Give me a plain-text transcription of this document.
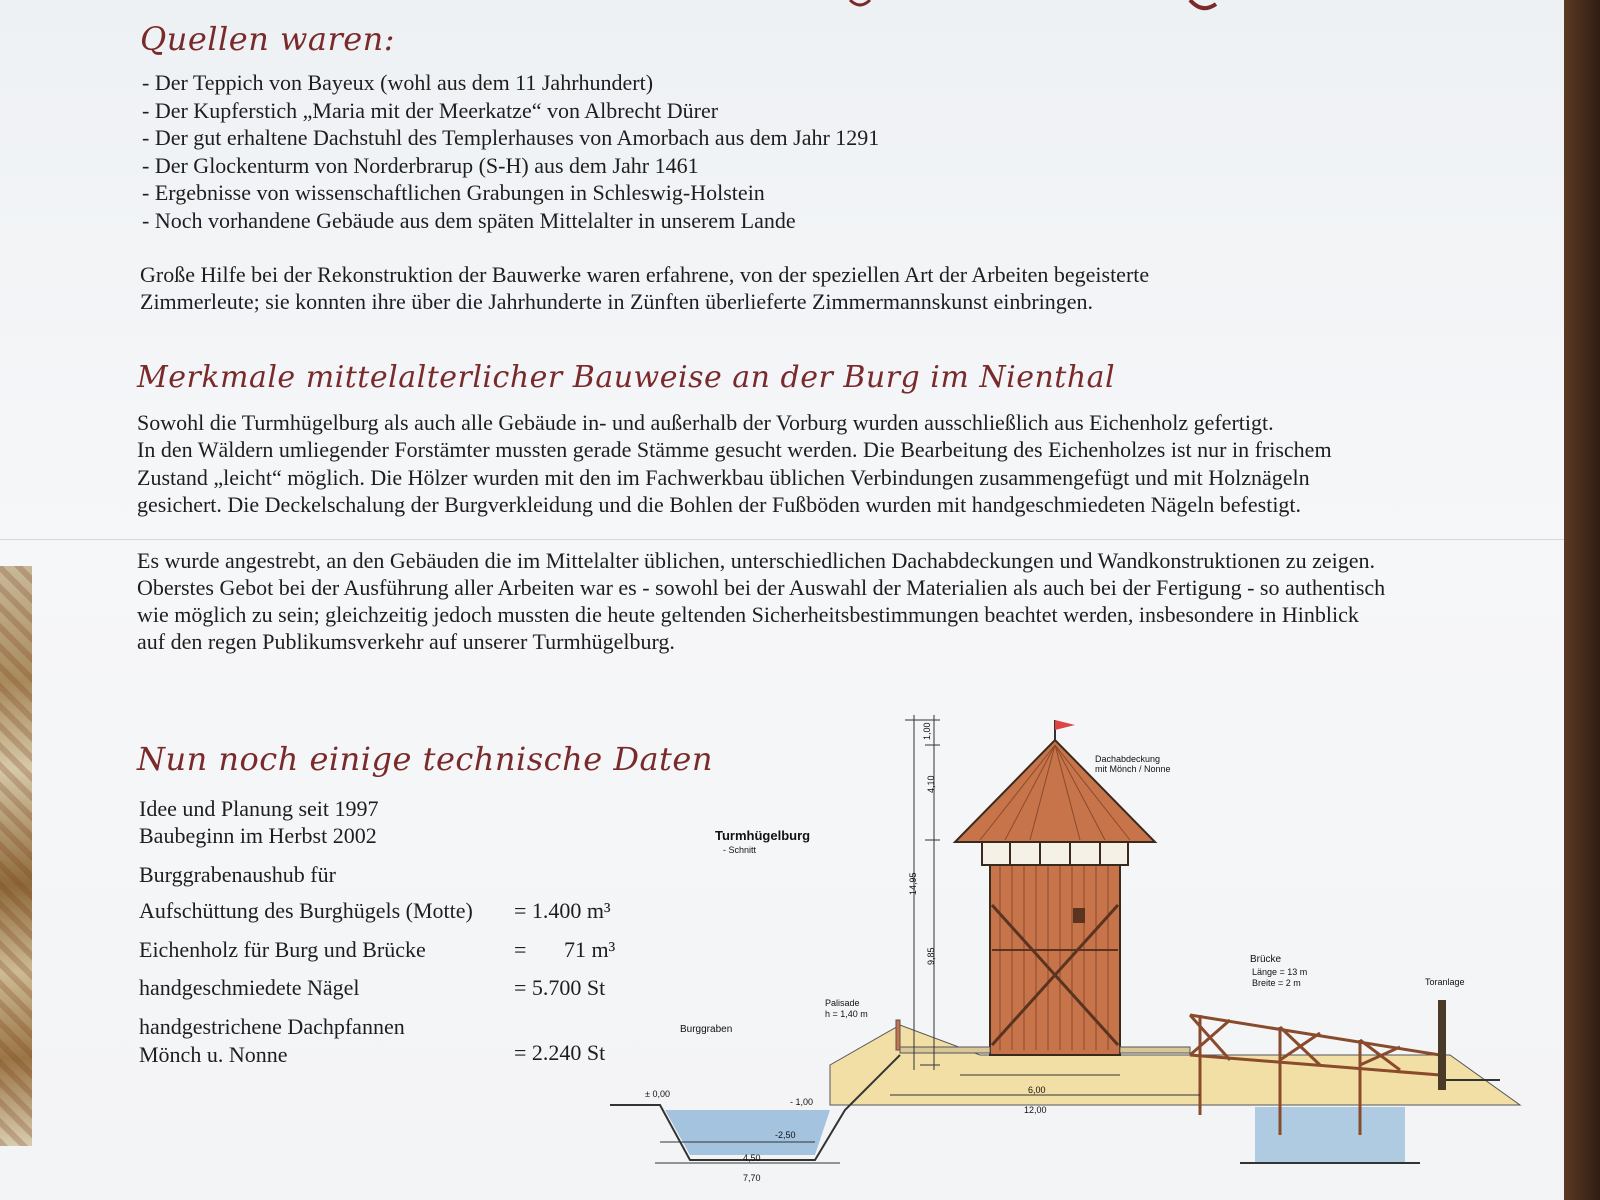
Quellen waren:
- Der Teppich von Bayeux (wohl aus dem 11 Jahrhundert)
- Der Kupferstich „Maria mit der Meerkatze“ von Albrecht Dürer
- Der gut erhaltene Dachstuhl des Templerhauses von Amorbach aus dem Jahr 1291
- Der Glockenturm von Norderbrarup (S-H) aus dem Jahr 1461
- Ergebnisse von wissenschaftlichen Grabungen in Schleswig-Holstein
- Noch vorhandene Gebäude aus dem späten Mittelalter in unserem Lande

Große Hilfe bei der Rekonstruktion der Bauwerke waren erfahrene, von der speziellen Art der Arbeiten begeisterte

Zimmerleute; sie konnten ihre über die Jahrhunderte in Zünften überlieferte Zimmermannskunst einbringen.

Merkmale mittelalterlicher Bauweise an der Burg im Nienthal

Sowohl die Turmhügelburg als auch alle Gebäude in- und außerhalb der Vorburg wurden ausschließlich aus Eichenholz gefertigt.

In den Wäldern umliegender Forstämter mussten gerade Stämme gesucht werden. Die Bearbeitung des Eichenholzes ist nur in frischem

Zustand „leicht“ möglich. Die Hölzer wurden mit den im Fachwerkbau üblichen Verbindungen zusammengefügt und mit Holznägeln

gesichert. Die Deckelschalung der Burgverkleidung und die Bohlen der Fußböden wurden mit handgeschmiedeten Nägeln befestigt.

Es wurde angestrebt, an den Gebäuden die im Mittelalter üblichen, unterschiedlichen Dachabdeckungen und Wandkonstruktionen zu zeigen.

Oberstes Gebot bei der Ausführung aller Arbeiten war es - sowohl bei der Auswahl der Materialien als auch bei der Fertigung - so authentisch

wie möglich zu sein; gleichzeitig jedoch mussten die heute geltenden Sicherheitsbestimmungen beachtet werden, insbesondere in Hinblick

auf den regen Publikumsverkehr auf unserer Turmhügelburg.

Nun noch einige technische Daten

Idee und Planung seit 1997

Baubeginn im Herbst 2002

Burggrabenaushub für

Aufschüttung des Burghügels (Motte) = 1.400 m³
Eichenholz für Burg und Brücke	= 71 m³
handgeschmiedete Nägel	= 5.700 St
handgestrichene Dachpfannen
Mönch u. Nonne	= 2.240 St
Turmhügelburg
- Schnitt
Dachabdeckung
mit Mönch / Nonne
Brücke
Länge = 13 m
Breite = 2 m	Toranlage
Palisade
h = 1,40 m
Burggraben
± 0,00
- 1,00
-2,50
4,50
7,70
6,00
12,00
1,00
4,10
14,95
9,85
